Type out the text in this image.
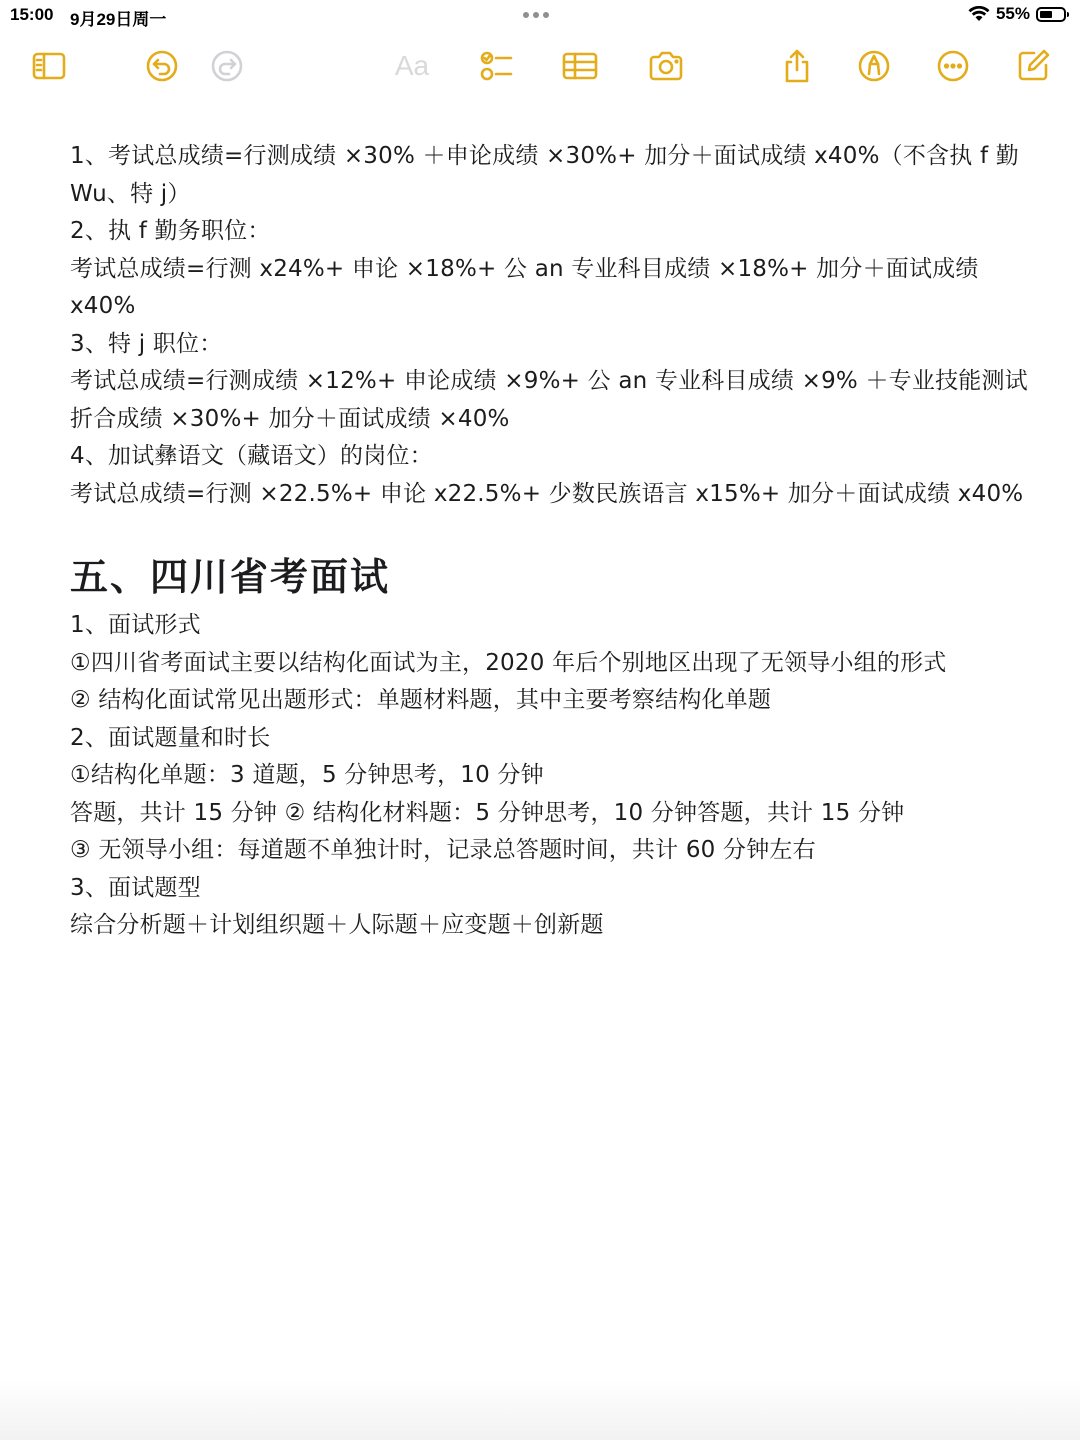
15:00 9月29日周一	55%
Aa
1、考试总成绩=行测成绩 ×30% ＋申论成绩 ×30%+ 加分＋面试成绩 x40%（不含执 f 勤
Wu、特 j）
2、执 f 勤务职位：
考试总成绩=行测 x24%+ 申论 ×18%+ 公 an 专业科目成绩 ×18%+ 加分＋面试成绩
x40%
3、特 j 职位：
考试总成绩=行测成绩 ×12%+ 申论成绩 ×9%+ 公 an 专业科目成绩 ×9% ＋专业技能测试
折合成绩 ×30%+ 加分＋面试成绩 ×40%
4、加试彝语文（藏语文）的岗位：
考试总成绩=行测 ×22.5%+ 申论 x22.5%+ 少数民族语言 x15%+ 加分＋面试成绩 x40%
五、四川省考面试
1、面试形式
①四川省考面试主要以结构化面试为主，2020 年后个别地区出现了无领导小组的形式
② 结构化面试常见出题形式：单题材料题，其中主要考察结构化单题
2、面试题量和时长
①结构化单题：3 道题，5 分钟思考，10 分钟
答题，共计 15 分钟 ② 结构化材料题：5 分钟思考，10 分钟答题，共计 15 分钟
③ 无领导小组：每道题不单独计时，记录总答题时间，共计 60 分钟左右
3、面试题型
综合分析题＋计划组织题＋人际题＋应变题＋创新题
